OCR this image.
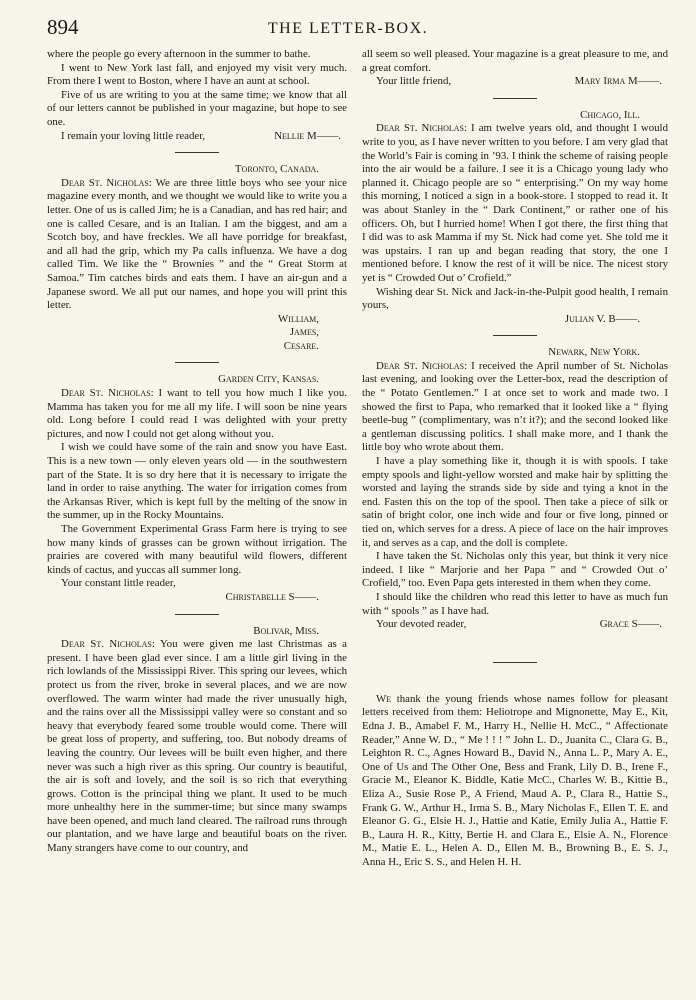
894	THE LETTER-BOX.

where the people go every afternoon in the summer to bathe.

I went to New York last fall, and enjoyed my visit very much. From there I went to Boston, where I have an aunt at school.

Five of us are writing to you at the same time; we know that all of our letters cannot be published in your magazine, but hope to see one.

I remain your loving little reader,	Nellie M——.
Toronto, Canada.

Dear St. Nicholas: We are three little boys who see your nice magazine every month, and we thought we would like to write you a letter. One of us is called Jim; he is a Canadian, and has red hair; and one is called Cesare, and is an Italian. I am the biggest, and am a Scotch boy, and have freckles. We all have porridge for breakfast, and all had the grip, which my Pa calls influenza. We have a dog called Tim. We like the “ Brownies ” and the “ Great Storm at Samoa.” Tim catches birds and eats them. I have an air-gun and a Japanese sword. We all put our names, and hope you will print this letter.

William,
James,
Cesare.
Garden City, Kansas.

Dear St. Nicholas: I want to tell you how much I like you. Mamma has taken you for me all my life. I will soon be nine years old. Long before I could read I was delighted with your pretty pictures, and now I could not get along without you.

I wish we could have some of the rain and snow you have East. This is a new town — only eleven years old — in the southwestern part of the State. It is so dry here that it is necessary to irrigate the land in order to raise anything. The water for irrigation comes from the Arkansas River, which is kept full by the melting of the snow in the summer, up in the Rocky Mountains.

The Government Experimental Grass Farm here is trying to see how many kinds of grasses can be grown without irrigation. The prairies are covered with many beautiful wild flowers, different kinds of cactus, and yuccas all summer long.

Your constant little reader,

Christabelle S——.
Bolivar, Miss.

Dear St. Nicholas: You were given me last Christmas as a present. I have been glad ever since. I am a little girl living in the rich lowlands of the Mississippi River. This spring our levees, which protect us from the river, broke in several places, and we are now overflowed. The warm winter had made the river unusually high, and the rains over all the Mississippi valley were so constant and so heavy that everybody feared some trouble would come. There will be great loss of property, and suffering, too. But nobody dreams of leaving the country. Our levees will be built even higher, and there never was such a high river as this spring. Our country is beautiful, the air is soft and lovely, and the soil is so rich that everything grows. Cotton is the principal thing we plant. It used to be much more unhealthy here in the summer-time; but since many swamps have been opened, and much land cleared. The railroad runs through our plantation, and we have large and beautiful boats on the river. Many strangers have come to our country, and

all seem so well pleased. Your magazine is a great pleasure to me, and a great comfort.

Your little friend,	Mary Irma M——.
Chicago, Ill.

Dear St. Nicholas: I am twelve years old, and thought I would write to you, as I have never written to you before. I am very glad that the World’s Fair is coming in ’93. I think the scheme of raising people into the air would be a failure. I see it is a Chicago young lady who planned it. Chicago people are so “ enterprising.” On my way home this morning, I noticed a sign in a book-store. I stopped to read it. It was about Stanley in the “ Dark Continent,” or rather one of his officers. Oh, but I hurried home! When I got there, the first thing that I did was to ask Mamma if my St. Nick had come yet. She told me it was upstairs. I ran up and began reading that story, the one I mentioned before. I know the rest of it will be nice. The nicest story yet is “ Crowded Out o’ Crofield.”

Wishing dear St. Nick and Jack-in-the-Pulpit good health, I remain yours,

Julian V. B——.
Newark, New York.

Dear St. Nicholas: I received the April number of St. Nicholas last evening, and looking over the Letter-box, read the description of the “ Potato Gentlemen.” I at once set to work and made two. I showed the first to Papa, who remarked that it looked like a “ flying beetle-bug ” (complimentary, was n’t it?); and the second looked like a gentleman discussing politics. I shall make more, and I thank the little boy who wrote about them.

I have a play something like it, though it is with spools. I take empty spools and light-yellow worsted and make hair by splitting the worsted and laying the strands side by side and tying a knot in the end. Fasten this on the top of the spool. Then take a piece of silk or satin of bright color, one inch wide and four or five long, pinned or tied on, which serves for a dress. A piece of lace on the hair improves it, and serves as a cap, and the doll is complete.

I have taken the St. Nicholas only this year, but think it very nice indeed. I like “ Marjorie and her Papa ” and “ Crowded Out o’ Crofield,” too. Even Papa gets interested in them when they come.

I should like the children who read this letter to have as much fun with “ spools ” as I have had.

Your devoted reader,	Grace S——.

We thank the young friends whose names follow for pleasant letters received from them: Heliotrope and Mignonette, May E., Kit, Edna J. B., Amabel F. M., Harry H., Nellie H. McC., “ Affectionate Reader,” Anne W. D., “ Me ! ! ! ” John L. D., Juanita C., Clara G. B., Leighton R. C., Agnes Howard B., David N., Anna L. P., Mary A. E., One of Us and The Other One, Bess and Frank, Lily D. B., Irene F., Gracie M., Eleanor K. Biddle, Katie McC., Charles W. B., Kittie B., Eliza A., Susie Rose P., A Friend, Maud A. P., Clara R., Hattie S., Frank G. W., Arthur H., Irma S. B., Mary Nicholas F., Ellen T. E. and Eleanor G. G., Elsie H. J., Hattie and Katie, Emily Julia A., Hattie F. B., Laura H. R., Kitty, Bertie H. and Clara E., Elsie A. N., Florence M., Matie E. L., Helen A. D., Ellen M. B., Browning B., E. S. J., Anna H., Eric S. S., and Helen H. H.
